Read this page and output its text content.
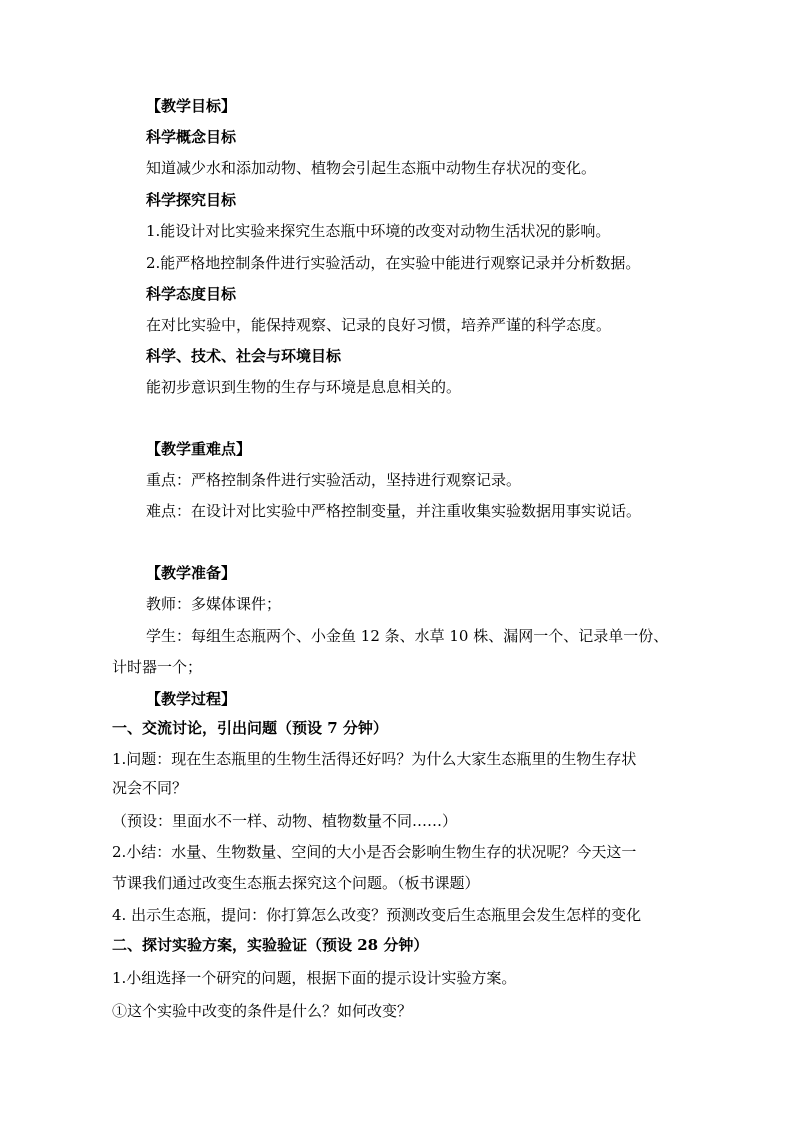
【教学目标】
科学概念目标
知道减少水和添加动物、植物会引起生态瓶中动物生存状况的变化。
科学探究目标
1.能设计对比实验来探究生态瓶中环境的改变对动物生活状况的影响。
2.能严格地控制条件进行实验活动，在实验中能进行观察记录并分析数据。
科学态度目标
在对比实验中，能保持观察、记录的良好习惯，培养严谨的科学态度。
科学、技术、社会与环境目标
能初步意识到生物的生存与环境是息息相关的。
【教学重难点】
重点：严格控制条件进行实验活动，坚持进行观察记录。
难点：在设计对比实验中严格控制变量，并注重收集实验数据用事实说话。
【教学准备】
教师：多媒体课件；
学生：每组生态瓶两个、小金鱼 12 条、水草 10 株、漏网一个、记录单一份、
计时器一个；
【教学过程】
一、交流讨论，引出问题（预设 7 分钟）
1.问题：现在生态瓶里的生物生活得还好吗？为什么大家生态瓶里的生物生存状
况会不同？
（预设：里面水不一样、动物、植物数量不同……）
2.小结：水量、生物数量、空间的大小是否会影响生物生存的状况呢？今天这一
节课我们通过改变生态瓶去探究这个问题。（板书课题）
4. 出示生态瓶，提问：你打算怎么改变？预测改变后生态瓶里会发生怎样的变化
二、探讨实验方案，实验验证（预设 28 分钟）
1.小组选择一个研究的问题，根据下面的提示设计实验方案。
①这个实验中改变的条件是什么？如何改变？
